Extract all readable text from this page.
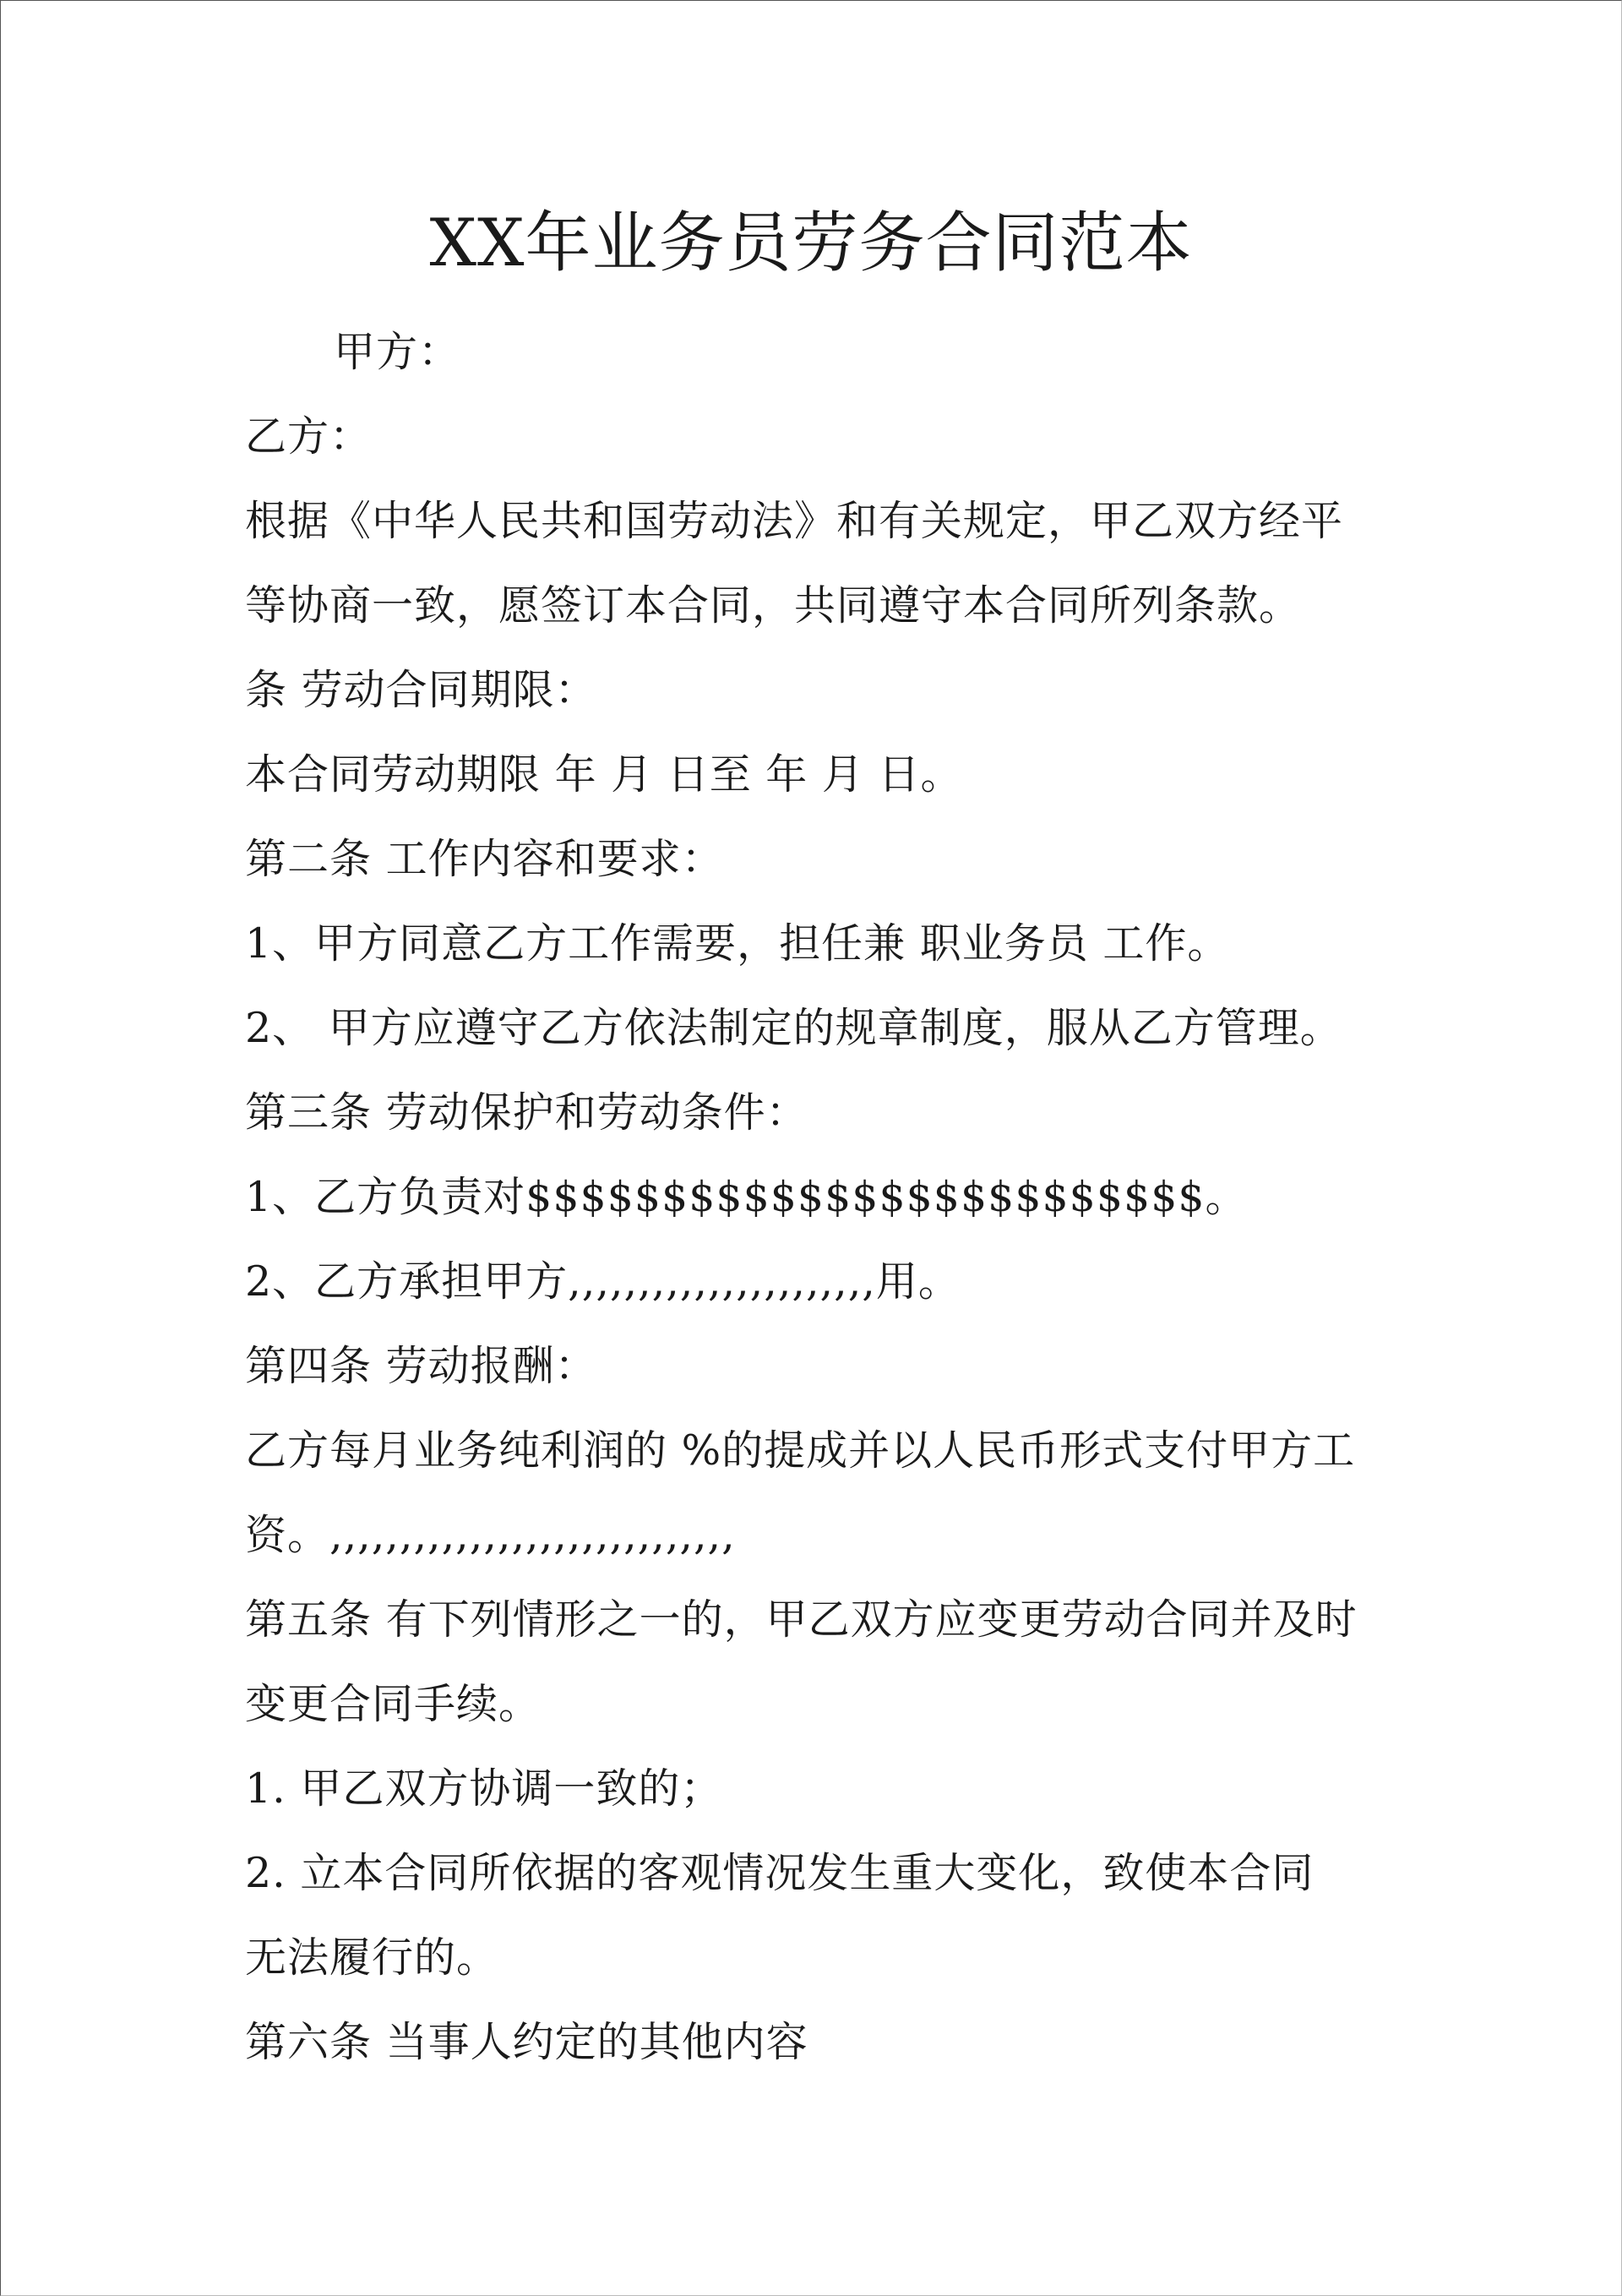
XX年业务员劳务合同范本
甲方：
乙方：
根据《中华人民共和国劳动法》和有关规定，甲乙双方经平
等协商一致，愿签订本合同，共同遵守本合同所列条款。
条 劳动合同期限：
本合同劳动期限 年 月 日至 年 月 日。
第二条 工作内容和要求：
1、甲方同意乙方工作需要，担任兼 职业务员 工作。
2、 甲方应遵守乙方依法制定的规章制度，服从乙方管理。
第三条 劳动保护和劳动条件：
1、乙方负责对$$$$$$$$$$$$$$$$$$$$$$$$$。
2、乙方承担甲方,,,,,,,,,,,,,,,,,,,,,,用。
第四条 劳动报酬：
乙方每月业务纯利润的 %的提成并以人民币形式支付甲方工
资。,,,,,,,,,,,,,,,,,,,,,,,,,,,,,
第五条 有下列情形之一的，甲乙双方应变更劳动合同并及时
变更合同手续。
1. 甲乙双方协调一致的；
2. 立本合同所依据的客观情况发生重大变化，致使本合同
无法履行的。
第六条 当事人约定的其他内容
